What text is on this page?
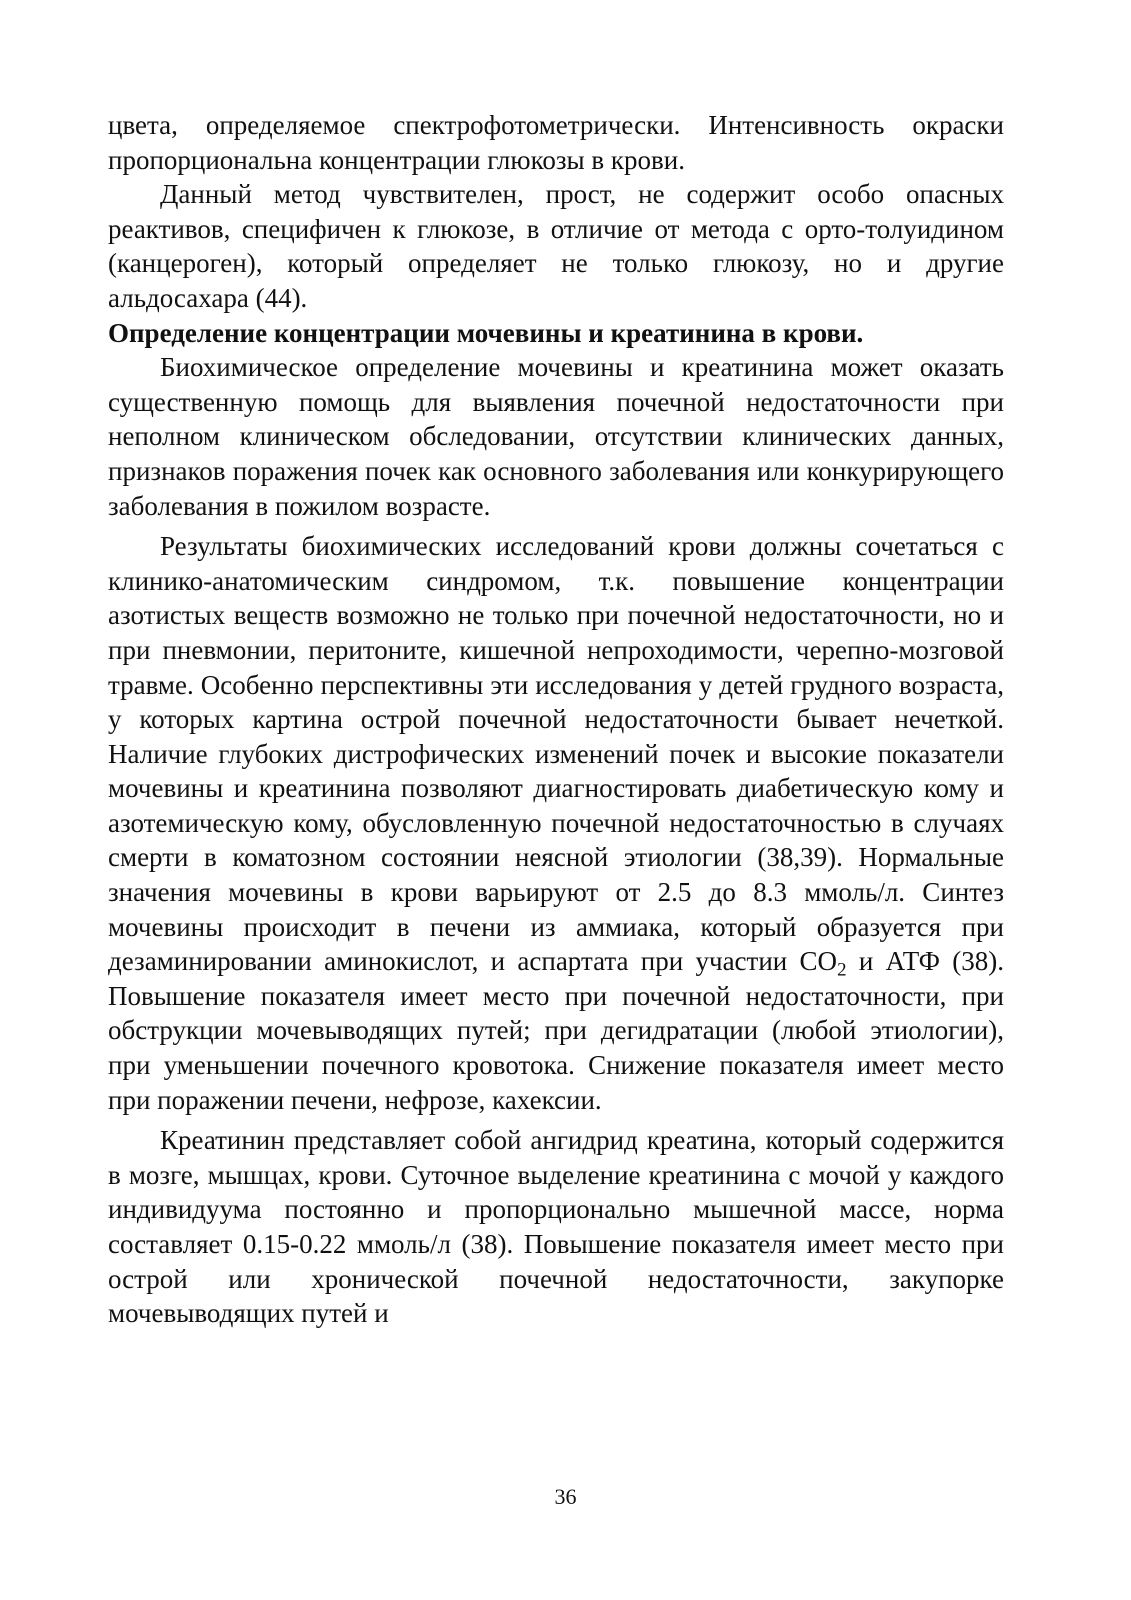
цвета, определяемое спектрофотометрически. Интенсивность окраски пропорциональна концентрации глюкозы в крови.

Данный метод чувствителен, прост, не содержит особо опасных реактивов, специфичен к глюкозе, в отличие от метода с орто-толуидином (канцероген), который определяет не только глюкозу, но и другие альдосахара (44).

Определение концентрации мочевины и креатинина в крови.

Биохимическое определение мочевины и креатинина может оказать существенную помощь для выявления почечной недостаточности при неполном клиническом обследовании, отсутствии клинических данных, признаков поражения почек как основного заболевания или конкурирующего заболевания в пожилом возрасте.

Результаты биохимических исследований крови должны сочетаться с клинико-анатомическим синдромом, т.к. повышение концентрации азотистых веществ возможно не только при почечной недостаточности, но и при пневмонии, перитоните, кишечной непроходимости, черепно-мозговой травме. Особенно перспективны эти исследования у детей грудного возраста, у которых картина острой почечной недостаточности бывает нечеткой. Наличие глубоких дистрофических изменений почек и высокие показатели мочевины и креатинина позволяют диагностировать диабетическую кому и азотемическую кому, обусловленную почечной недостаточностью в случаях смерти в коматозном состоянии неясной этиологии (38,39). Нормальные значения мочевины в крови варьируют от 2.5 до 8.3 ммоль/л. Синтез мочевины происходит в печени из аммиака, который образуется при дезаминировании аминокислот, и аспартата при участии $СО_2$ и АТФ (38). Повышение показателя имеет место при почечной недостаточности, при обструкции мочевыводящих путей; при дегидратации (любой этиологии), при уменьшении почечного кровотока. Снижение показателя имеет место при поражении печени, нефрозе, кахексии.

Креатинин представляет собой ангидрид креатина, который содержится в мозге, мышцах, крови. Суточное выделение креатинина с мочой у каждого индивидуума постоянно и пропорционально мышечной массе, норма составляет 0.15-0.22 ммоль/л (38). Повышение показателя имеет место при острой или хронической почечной недостаточности, закупорке мочевыводящих путей и

36
